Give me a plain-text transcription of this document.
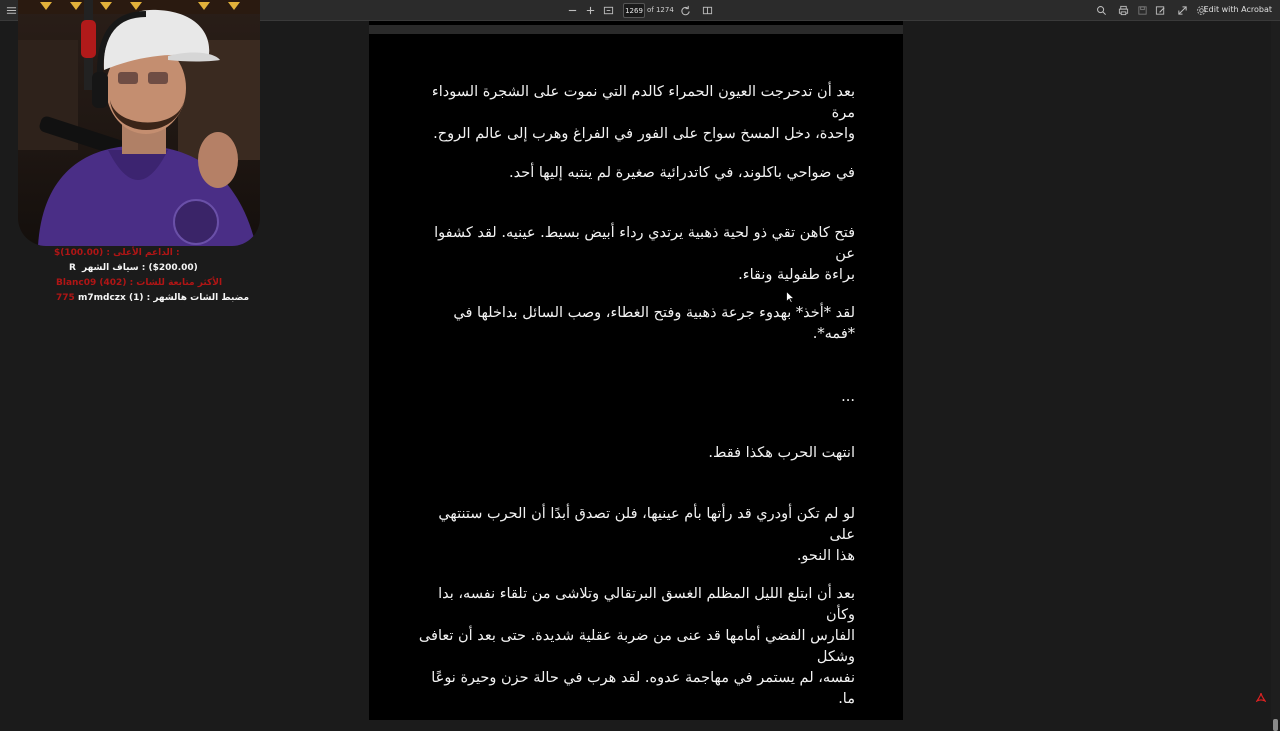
1269 of 1274	Edit with Acrobat
بعد أن تدحرجت العيون الحمراء كالدم التي نموت على الشجرة السوداء مرة
واحدة، دخل المسخ سواح على الفور في الفراغ وهرب إلى عالم الروح.
في ضواحي باكلوند، في كاتدرائية صغيرة لم ينتبه إليها أحد.
فتح كاهن تقي ذو لحية ذهبية يرتدي رداء أبيض بسيط. عينيه. لقد كشفوا عن
براءة طفولية ونقاء.
لقد *أخذ* بهدوء جرعة ذهبية وفتح الغطاء، وصب السائل بداخلها في *فمه*.
...
انتهت الحرب هكذا فقط.
لو لم تكن أودري قد رأتها بأم عينيها، فلن تصدق أبدًا أن الحرب ستنتهي على
هذا النحو.
بعد أن ابتلع الليل المظلم الغسق البرتقالي وتلاشى من تلقاء نفسه، بدا وكأن
الفارس الفضي أمامها قد عنى من ضربة عقلية شديدة. حتى بعد أن تعافى وشكل
نفسه، لم يستمر في مهاجمة عدوه. لقد هرب في حالة حزن وحيرة نوعًا ما.
$(100.00) : الداعم الأعلى :
R ($200.00) : سياف الشهر
Blanc09 (402) : الأكثر متابعة للشات
775 m7mdczx (1) : مضبط الشات هالشهر
